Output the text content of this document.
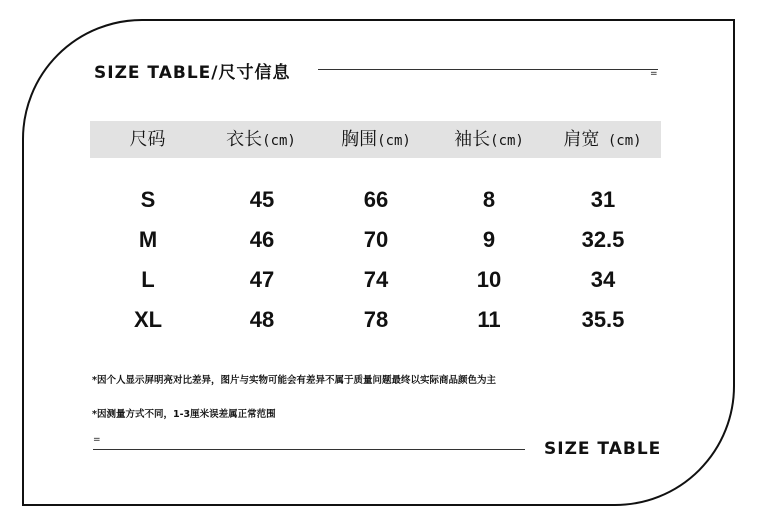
SIZE TABLE/尺寸信息	=
尺码	衣长(cm)	胸围(cm)	袖长(cm)	肩宽 (cm)
S	45	66	8	31
M	46	70	9	32.5
L	47	74	10	34
XL	48	78	11	35.5
*因个人显示屏明亮对比差异，图片与实物可能会有差异不属于质量问题最终以实际商品颜色为主
*因测量方式不同，1-3厘米误差属正常范围
=	SIZE TABLE
